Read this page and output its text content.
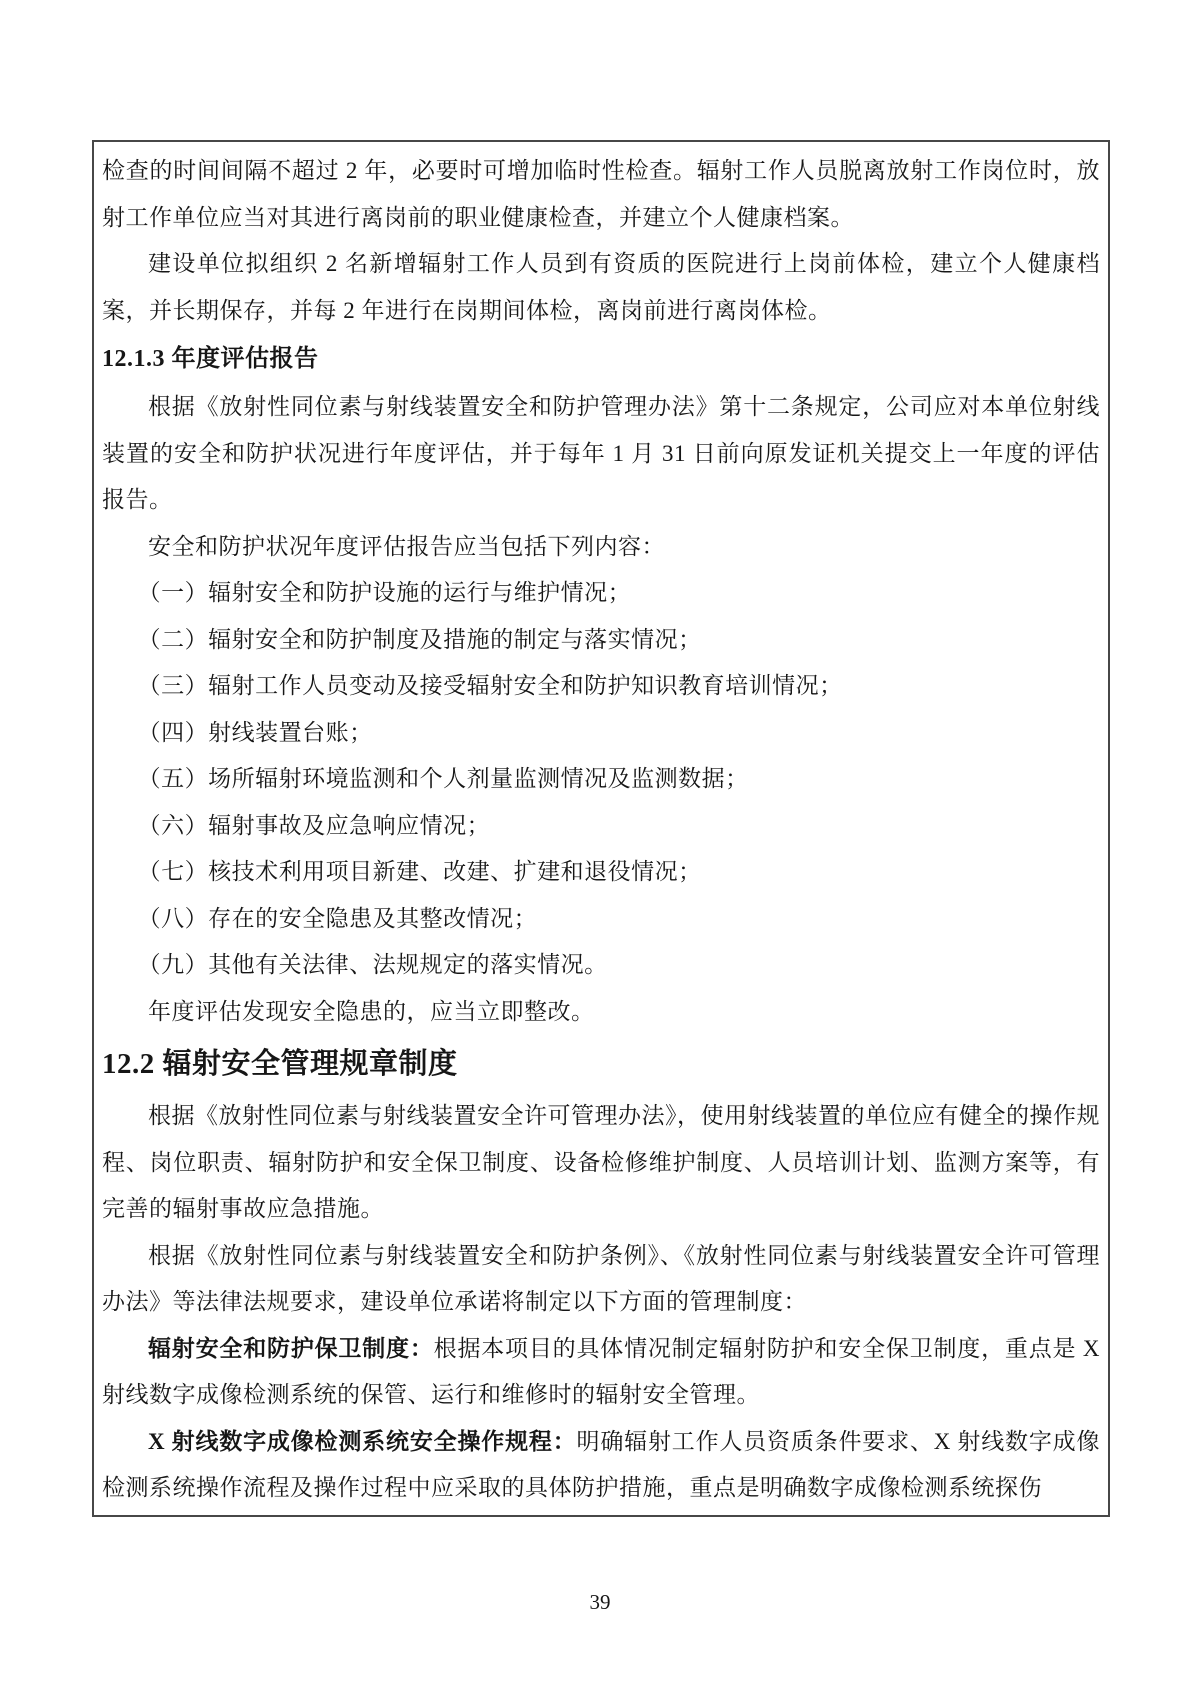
检查的时间间隔不超过 2 年，必要时可增加临时性检查。辐射工作人员脱离放射工作岗位时，放射工作单位应当对其进行离岗前的职业健康检查，并建立个人健康档案。

建设单位拟组织 2 名新增辐射工作人员到有资质的医院进行上岗前体检，建立个人健康档案，并长期保存，并每 2 年进行在岗期间体检，离岗前进行离岗体检。

12.1.3 年度评估报告

根据《放射性同位素与射线装置安全和防护管理办法》第十二条规定，公司应对本单位射线装置的安全和防护状况进行年度评估，并于每年 1 月 31 日前向原发证机关提交上一年度的评估报告。

安全和防护状况年度评估报告应当包括下列内容：

（一）辐射安全和防护设施的运行与维护情况；

（二）辐射安全和防护制度及措施的制定与落实情况；

（三）辐射工作人员变动及接受辐射安全和防护知识教育培训情况；

（四）射线装置台账；

（五）场所辐射环境监测和个人剂量监测情况及监测数据；

（六）辐射事故及应急响应情况；

（七）核技术利用项目新建、改建、扩建和退役情况；

（八）存在的安全隐患及其整改情况；

（九）其他有关法律、法规规定的落实情况。

年度评估发现安全隐患的，应当立即整改。

12.2 辐射安全管理规章制度

根据《放射性同位素与射线装置安全许可管理办法》，使用射线装置的单位应有健全的操作规程、岗位职责、辐射防护和安全保卫制度、设备检修维护制度、人员培训计划、监测方案等，有完善的辐射事故应急措施。

根据《放射性同位素与射线装置安全和防护条例》、《放射性同位素与射线装置安全许可管理办法》等法律法规要求，建设单位承诺将制定以下方面的管理制度：

辐射安全和防护保卫制度：根据本项目的具体情况制定辐射防护和安全保卫制度，重点是 X 射线数字成像检测系统的保管、运行和维修时的辐射安全管理。

X 射线数字成像检测系统安全操作规程：明确辐射工作人员资质条件要求、X 射线数字成像检测系统操作流程及操作过程中应采取的具体防护措施，重点是明确数字成像检测系统探伤

39
